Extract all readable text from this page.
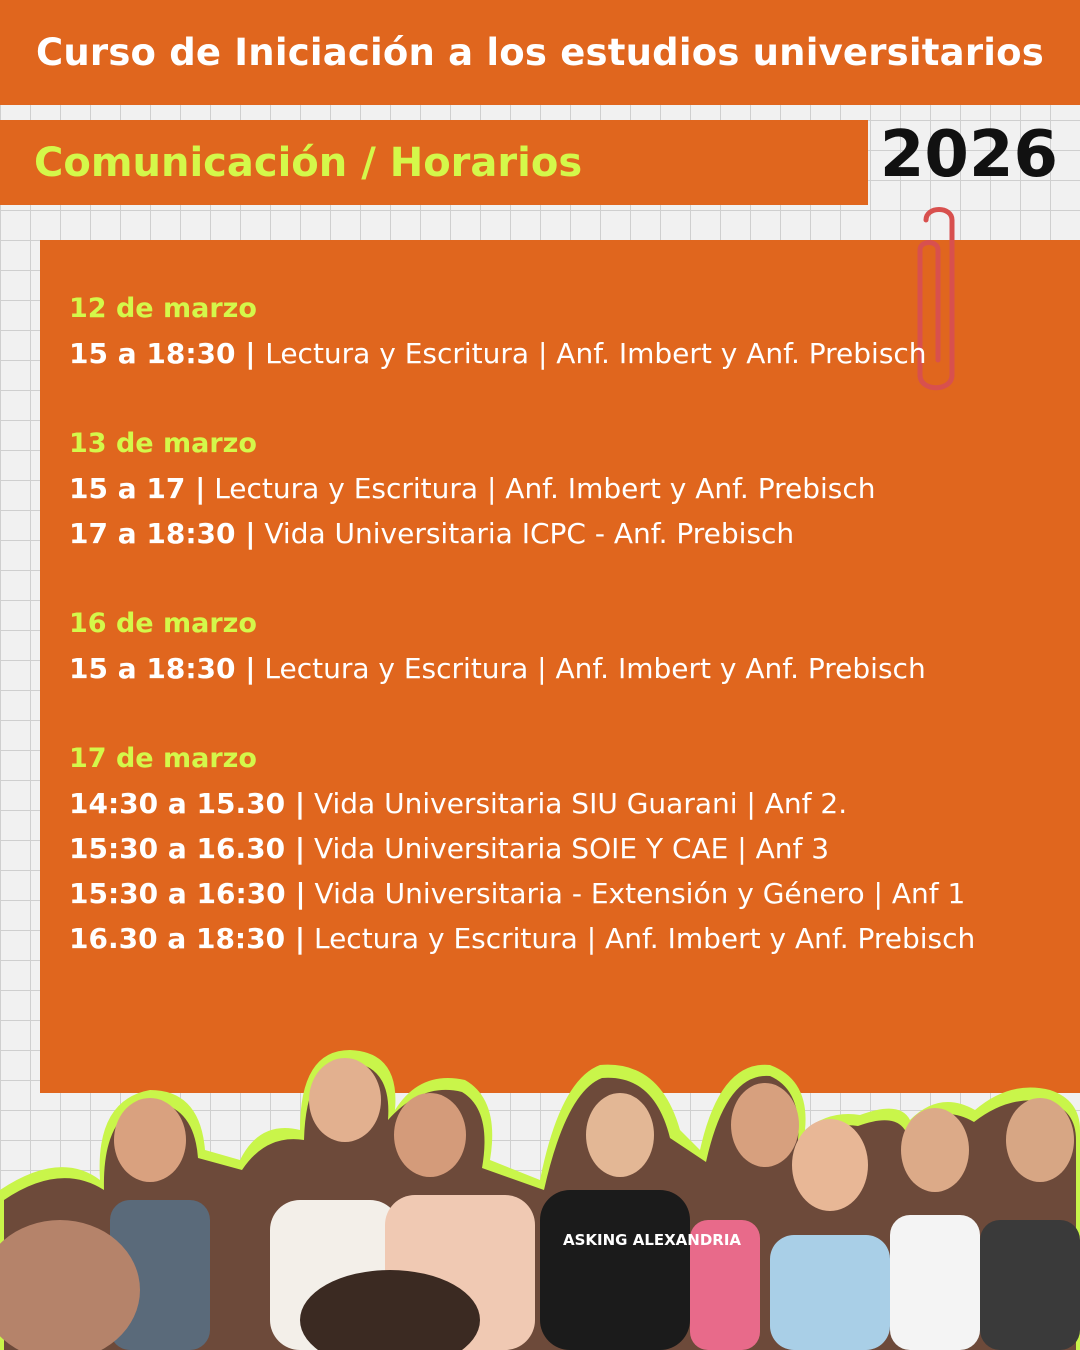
Curso de Iniciación a los estudios universitarios
Comunicación / Horarios	2026
12 de marzo
15 a 18:30 | Lectura y Escritura | Anf. Imbert y Anf. Prebisch
13 de marzo
15 a 17 | Lectura y Escritura | Anf. Imbert y Anf. Prebisch
17 a 18:30 | Vida Universitaria ICPC - Anf. Prebisch
16 de marzo
15 a 18:30 | Lectura y Escritura | Anf. Imbert y Anf. Prebisch
17 de marzo
14:30 a 15.30 | Vida Universitaria SIU Guarani | Anf 2.
15:30 a 16.30 | Vida Universitaria SOIE Y CAE | Anf 3
15:30 a 16:30 | Vida Universitaria - Extensión y Género | Anf 1
16.30 a 18:30 | Lectura y Escritura | Anf. Imbert y Anf. Prebisch
ASKING ALEXANDRIA
